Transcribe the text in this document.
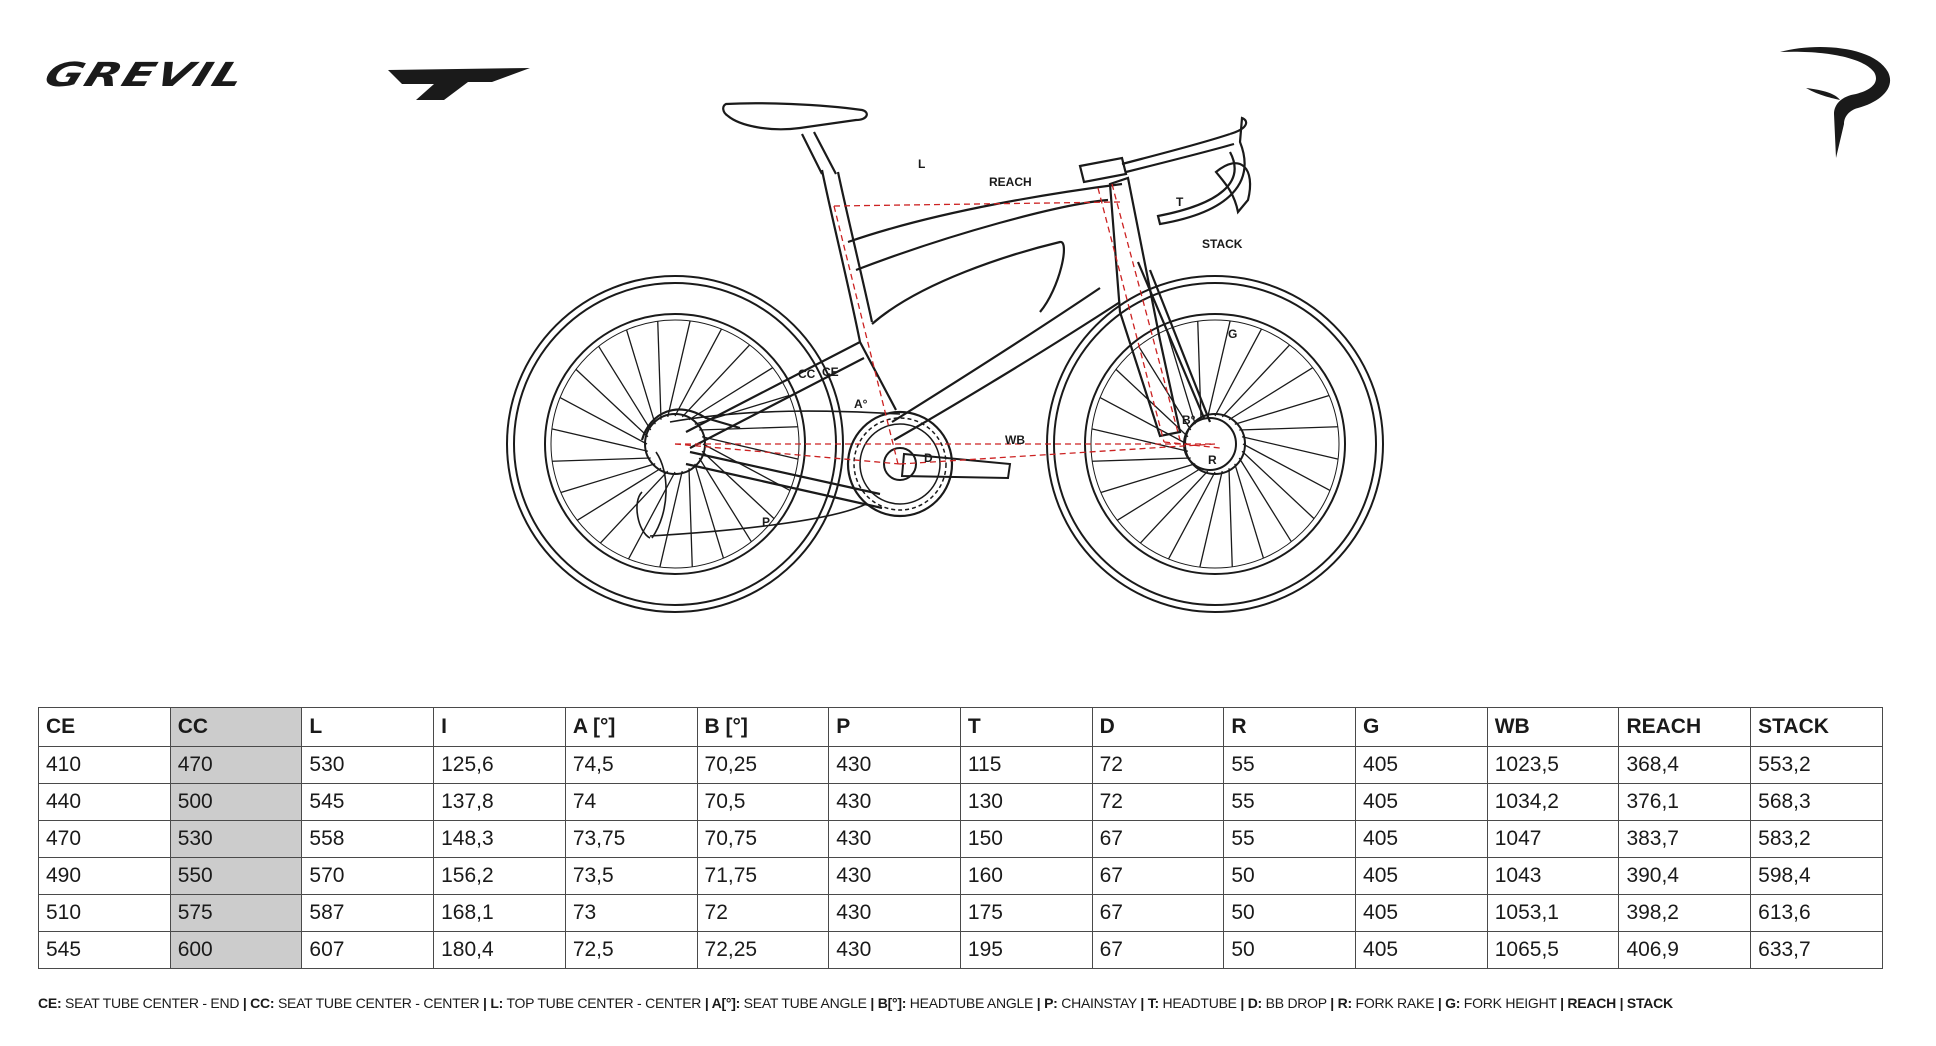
GREVIL
L
REACH
T
STACK
G
CC CE
A°
B°
R
D
WB
P
CE	CC	L	I	A [°]	B [°]	P	T	D	R	G	WB	REACH	STACK
410	470	530	125,6	74,5	70,25	430	115	72	55	405	1023,5	368,4	553,2
440	500	545	137,8	74	70,5	430	130	72	55	405	1034,2	376,1	568,3
470	530	558	148,3	73,75	70,75	430	150	67	55	405	1047	383,7	583,2
490	550	570	156,2	73,5	71,75	430	160	67	50	405	1043	390,4	598,4
510	575	587	168,1	73	72	430	175	67	50	405	1053,1	398,2	613,6
545	600	607	180,4	72,5	72,25	430	195	67	50	405	1065,5	406,9	633,7
CE: SEAT TUBE CENTER - END | CC: SEAT TUBE CENTER - CENTER | L: TOP TUBE CENTER - CENTER | A[°]: SEAT TUBE ANGLE | B[°]: HEADTUBE ANGLE | P: CHAINSTAY | T: HEADTUBE | D: BB DROP | R: FORK RAKE | G: FORK HEIGHT | REACH | STACK
